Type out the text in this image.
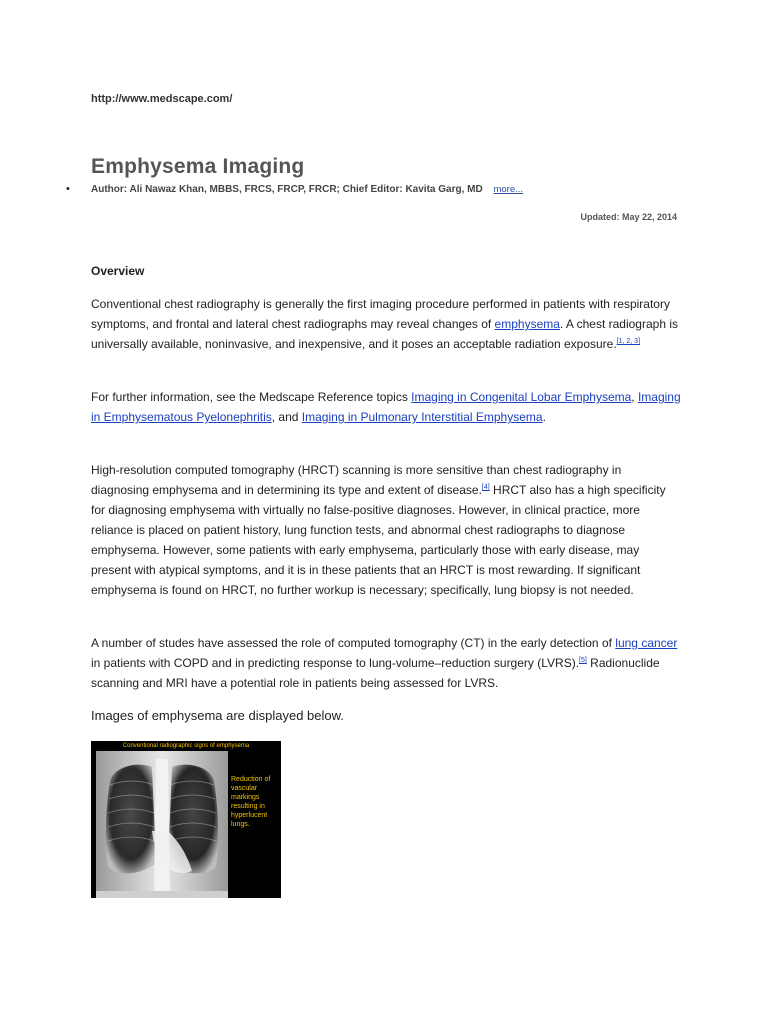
http://www.medscape.com/
Emphysema Imaging
• Author: Ali Nawaz Khan, MBBS, FRCS, FRCP, FRCR; Chief Editor: Kavita Garg, MD more...
Updated: May 22, 2014
Overview

Conventional chest radiography is generally the first imaging procedure performed in patients with respiratory symptoms, and frontal and lateral chest radiographs may reveal changes of emphysema. A chest radiograph is universally available, noninvasive, and inexpensive, and it poses an acceptable radiation exposure.[1, 2, 3]

For further information, see the Medscape Reference topics Imaging in Congenital Lobar Emphysema, Imaging in Emphysematous Pyelonephritis, and Imaging in Pulmonary Interstitial Emphysema.

High-resolution computed tomography (HRCT) scanning is more sensitive than chest radiography in diagnosing emphysema and in determining its type and extent of disease.[4] HRCT also has a high specificity for diagnosing emphysema with virtually no false-positive diagnoses. However, in clinical practice, more reliance is placed on patient history, lung function tests, and abnormal chest radiographs to diagnose emphysema. However, some patients with early emphysema, particularly those with early disease, may present with atypical symptoms, and it is in these patients that an HRCT is most rewarding. If significant emphysema is found on HRCT, no further workup is necessary; specifically, lung biopsy is not needed.

A number of studes have assessed the role of computed tomography (CT) in the early detection of lung cancer in patients with COPD and in predicting response to lung-volume–reduction surgery (LVRS).[5] Radionuclide scanning and MRI have a potential role in patients being assessed for LVRS.

Images of emphysema are displayed below.
Conventional radiographic signs of emphysema
Reduction of vascular markings resulting in hyperlucent lungs.
